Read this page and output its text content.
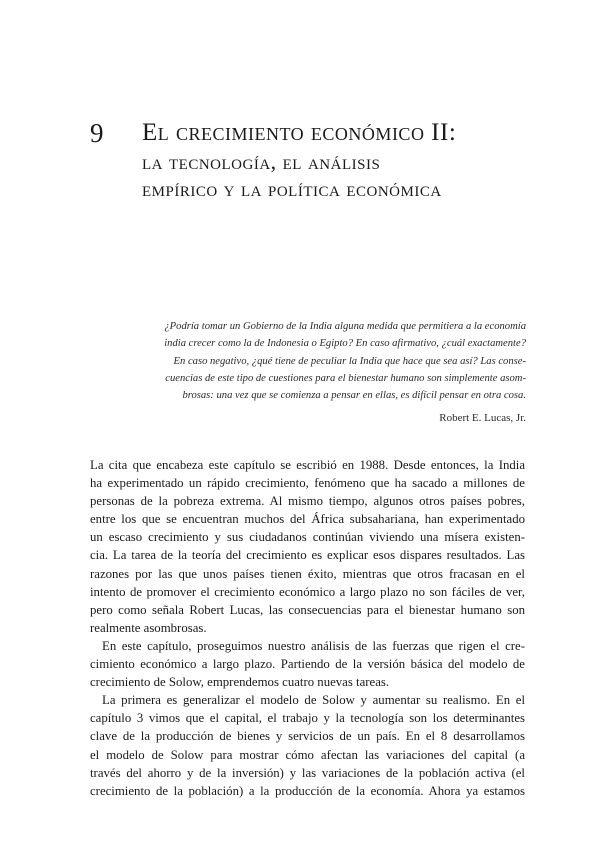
9 El crecimiento económico II:
la tecnología, el análisis
empírico y la política económica
¿Podría tomar un Gobierno de la India alguna medida que permitiera a la economía
india crecer como la de Indonesia o Egipto? En caso afirmativo, ¿cuál exactamente?
En caso negativo, ¿qué tiene de peculiar la India que hace que sea así? Las conse-
cuencias de este tipo de cuestiones para el bienestar humano son simplemente asom-
brosas: una vez que se comienza a pensar en ellas, es difícil pensar en otra cosa.
Robert E. Lucas, Jr.
La cita que encabeza este capítulo se escribió en 1988. Desde entonces, la India
ha experimentado un rápido crecimiento, fenómeno que ha sacado a millones de
personas de la pobreza extrema. Al mismo tiempo, algunos otros países pobres,
entre los que se encuentran muchos del África subsahariana, han experimentado
un escaso crecimiento y sus ciudadanos continúan viviendo una mísera existen-
cia. La tarea de la teoría del crecimiento es explicar esos dispares resultados. Las
razones por las que unos países tienen éxito, mientras que otros fracasan en el
intento de promover el crecimiento económico a largo plazo no son fáciles de ver,
pero como señala Robert Lucas, las consecuencias para el bienestar humano son
realmente asombrosas.
En este capítulo, proseguimos nuestro análisis de las fuerzas que rigen el cre-
cimiento económico a largo plazo. Partiendo de la versión básica del modelo de
crecimiento de Solow, emprendemos cuatro nuevas tareas.
La primera es generalizar el modelo de Solow y aumentar su realismo. En el
capítulo 3 vimos que el capital, el trabajo y la tecnología son los determinantes
clave de la producción de bienes y servicios de un país. En el 8 desarrollamos
el modelo de Solow para mostrar cómo afectan las variaciones del capital (a
través del ahorro y de la inversión) y las variaciones de la población activa (el
crecimiento de la población) a la producción de la economía. Ahora ya estamos
